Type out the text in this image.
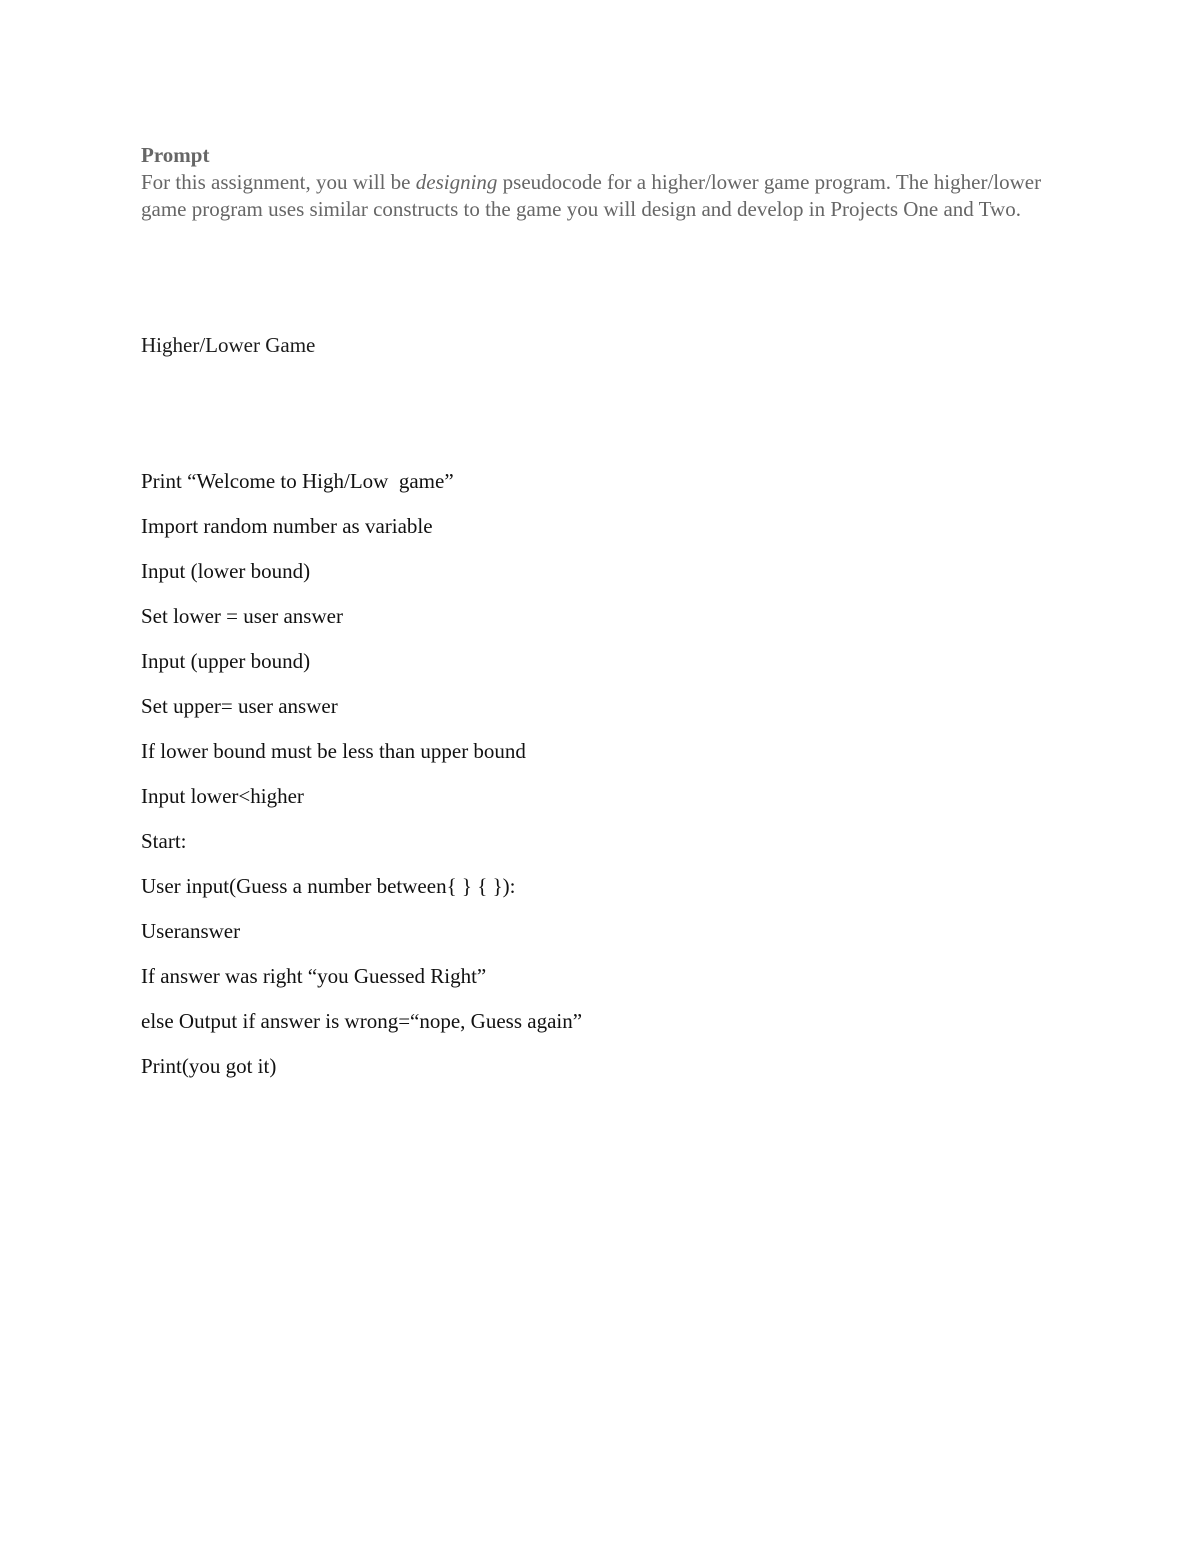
Prompt
For this assignment, you will be designing pseudocode for a higher/lower game program. The higher/lower game program uses similar constructs to the game you will design and develop in Projects One and Two.
Higher/Lower Game
Print “Welcome to High/Low  game”
Import random number as variable
Input (lower bound)
Set lower = user answer
Input (upper bound)
Set upper= user answer
If lower bound must be less than upper bound
Input lower<higher
Start:
User input(Guess a number between{ } { }):
Useranswer
If answer was right “you Guessed Right”
else Output if answer is wrong=“nope, Guess again”
Print(you got it)
